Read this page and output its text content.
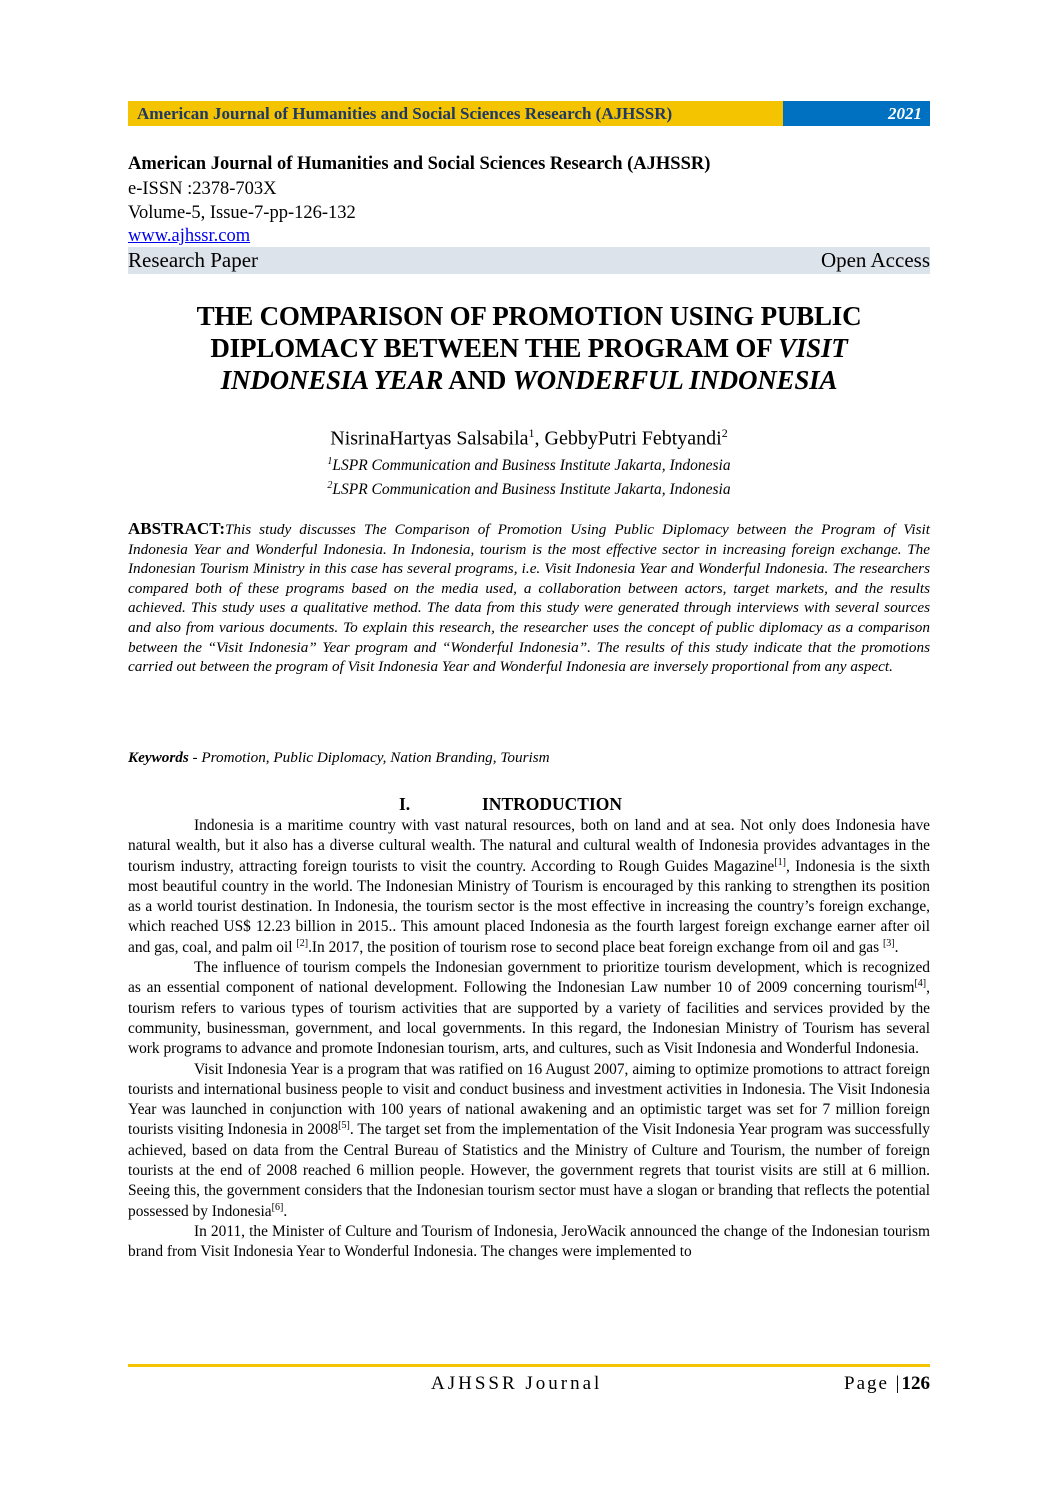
American Journal of Humanities and Social Sciences Research (AJHSSR)	2021
American Journal of Humanities and Social Sciences Research (AJHSSR)
e-ISSN :2378-703X
Volume-5, Issue-7-pp-126-132
www.ajhssr.com
Research Paper	Open Access
THE COMPARISON OF PROMOTION USING PUBLIC
DIPLOMACY BETWEEN THE PROGRAM OF VISIT
INDONESIA YEAR AND WONDERFUL INDONESIA
NisrinaHartyas Salsabila$^1$, GebbyPutri Febtyandi$^2$
$^1$LSPR Communication and Business Institute Jakarta, Indonesia
$^2$LSPR Communication and Business Institute Jakarta, Indonesia
ABSTRACT:This study discusses The Comparison of Promotion Using Public Diplomacy between the Program of Visit Indonesia Year and Wonderful Indonesia. In Indonesia, tourism is the most effective sector in increasing foreign exchange. The Indonesian Tourism Ministry in this case has several programs, i.e. Visit Indonesia Year and Wonderful Indonesia. The researchers compared both of these programs based on the media used, a collaboration between actors, target markets, and the results achieved. This study uses a qualitative method. The data from this study were generated through interviews with several sources and also from various documents. To explain this research, the researcher uses the concept of public diplomacy as a comparison between the “Visit Indonesia” Year program and “Wonderful Indonesia”. The results of this study indicate that the promotions carried out between the program of Visit Indonesia Year and Wonderful Indonesia are inversely proportional from any aspect.
Keywords - Promotion, Public Diplomacy, Nation Branding, Tourism
I.	INTRODUCTION

Indonesia is a maritime country with vast natural resources, both on land and at sea. Not only does Indonesia have natural wealth, but it also has a diverse cultural wealth. The natural and cultural wealth of Indonesia provides advantages in the tourism industry, attracting foreign tourists to visit the country. According to Rough Guides Magazine[1], Indonesia is the sixth most beautiful country in the world. The Indonesian Ministry of Tourism is encouraged by this ranking to strengthen its position as a world tourist destination. In Indonesia, the tourism sector is the most effective in increasing the country’s foreign exchange, which reached US$ 12.23 billion in 2015.. This amount placed Indonesia as the fourth largest foreign exchange earner after oil and gas, coal, and palm oil [2].In 2017, the position of tourism rose to second place beat foreign exchange from oil and gas [3].

The influence of tourism compels the Indonesian government to prioritize tourism development, which is recognized as an essential component of national development. Following the Indonesian Law number 10 of 2009 concerning tourism[4], tourism refers to various types of tourism activities that are supported by a variety of facilities and services provided by the community, businessman, government, and local governments. In this regard, the Indonesian Ministry of Tourism has several work programs to advance and promote Indonesian tourism, arts, and cultures, such as Visit Indonesia and Wonderful Indonesia.

Visit Indonesia Year is a program that was ratified on 16 August 2007, aiming to optimize promotions to attract foreign tourists and international business people to visit and conduct business and investment activities in Indonesia. The Visit Indonesia Year was launched in conjunction with 100 years of national awakening and an optimistic target was set for 7 million foreign tourists visiting Indonesia in 2008[5]. The target set from the implementation of the Visit Indonesia Year program was successfully achieved, based on data from the Central Bureau of Statistics and the Ministry of Culture and Tourism, the number of foreign tourists at the end of 2008 reached 6 million people. However, the government regrets that tourist visits are still at 6 million. Seeing this, the government considers that the Indonesian tourism sector must have a slogan or branding that reflects the potential possessed by Indonesia[6].

In 2011, the Minister of Culture and Tourism of Indonesia, JeroWacik announced the change of the Indonesian tourism brand from Visit Indonesia Year to Wonderful Indonesia. The changes were implemented to

AJHSSR Journal	Page |126
